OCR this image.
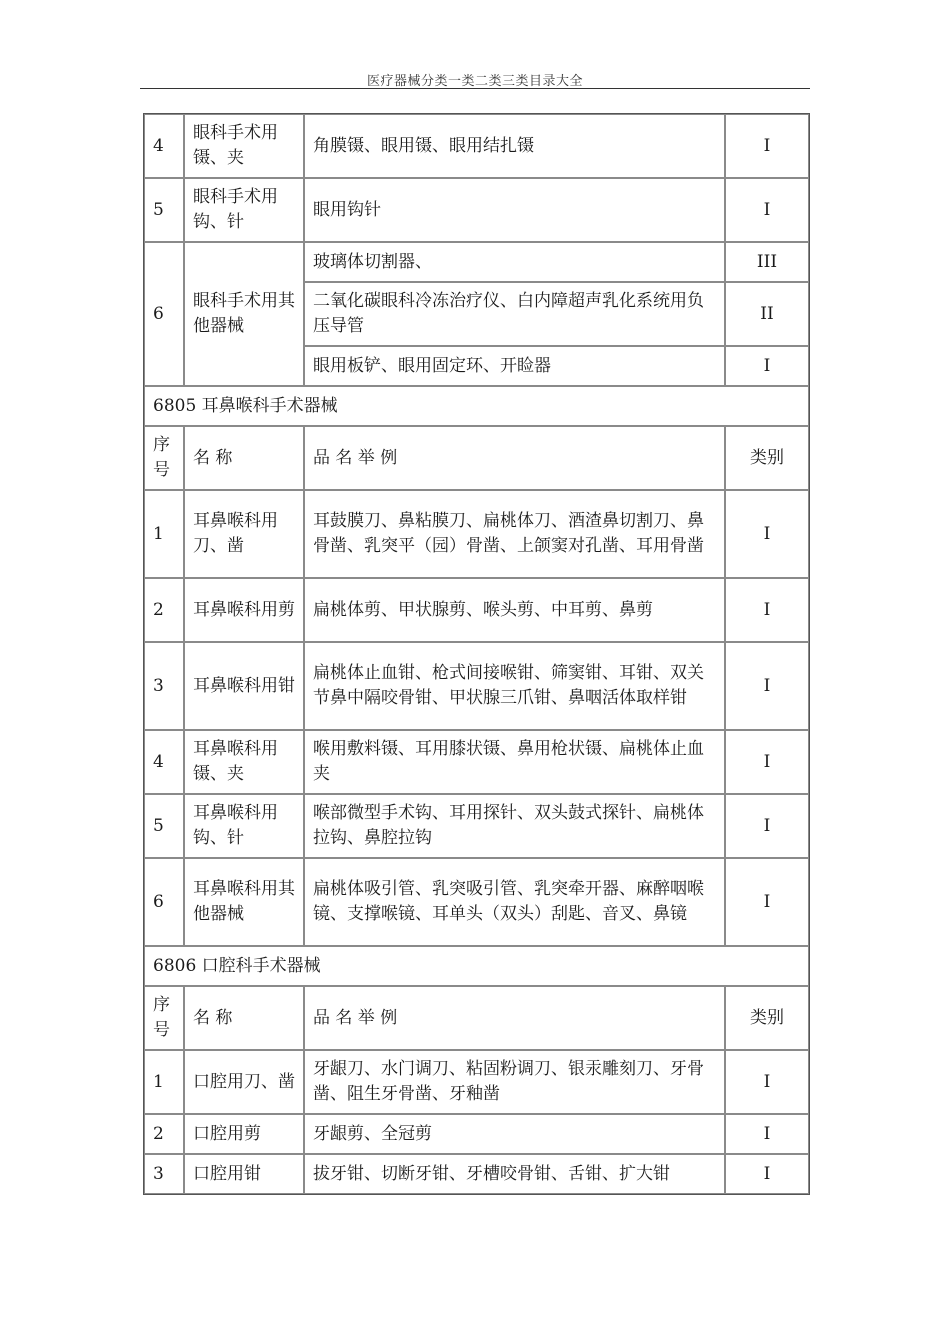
医疗器械分类一类二类三类目录大全
4	眼科手术用镊、夹	角膜镊、眼用镊、眼用结扎镊	I
5	眼科手术用钩、针	眼用钩针	I
6	眼科手术用其他器械	玻璃体切割器、	III
		二氧化碳眼科冷冻治疗仪、白内障超声乳化系统用负压导管	II
		眼用板铲、眼用固定环、开睑器	I
6805 耳鼻喉科手术器械			

序号	名 称	品 名 举 例	类别
1	耳鼻喉科用刀、凿	耳鼓膜刀、鼻粘膜刀、扁桃体刀、酒渣鼻切割刀、鼻骨凿、乳突平（园）骨凿、上颌窦对孔凿、耳用骨凿	I
2	耳鼻喉科用剪	扁桃体剪、甲状腺剪、喉头剪、中耳剪、鼻剪	I
3	耳鼻喉科用钳	扁桃体止血钳、枪式间接喉钳、筛窦钳、耳钳、双关节鼻中隔咬骨钳、甲状腺三爪钳、鼻咽活体取样钳	I
4	耳鼻喉科用镊、夹	喉用敷料镊、耳用膝状镊、鼻用枪状镊、扁桃体止血夹	I
5	耳鼻喉科用钩、针	喉部微型手术钩、耳用探针、双头鼓式探针、扁桃体拉钩、鼻腔拉钩	I
6	耳鼻喉科用其他器械	扁桃体吸引管、乳突吸引管、乳突牵开器、麻醉咽喉镜、支撑喉镜、耳单头（双头）刮匙、音叉、鼻镜	I
6806 口腔科手术器械			

序号	名 称	品 名 举 例	类别
1	口腔用刀、凿	牙龈刀、水门调刀、粘固粉调刀、银汞雕刻刀、牙骨凿、阻生牙骨凿、牙釉凿	I
2	口腔用剪	牙龈剪、全冠剪	I
3	口腔用钳	拔牙钳、切断牙钳、牙槽咬骨钳、舌钳、扩大钳	I
